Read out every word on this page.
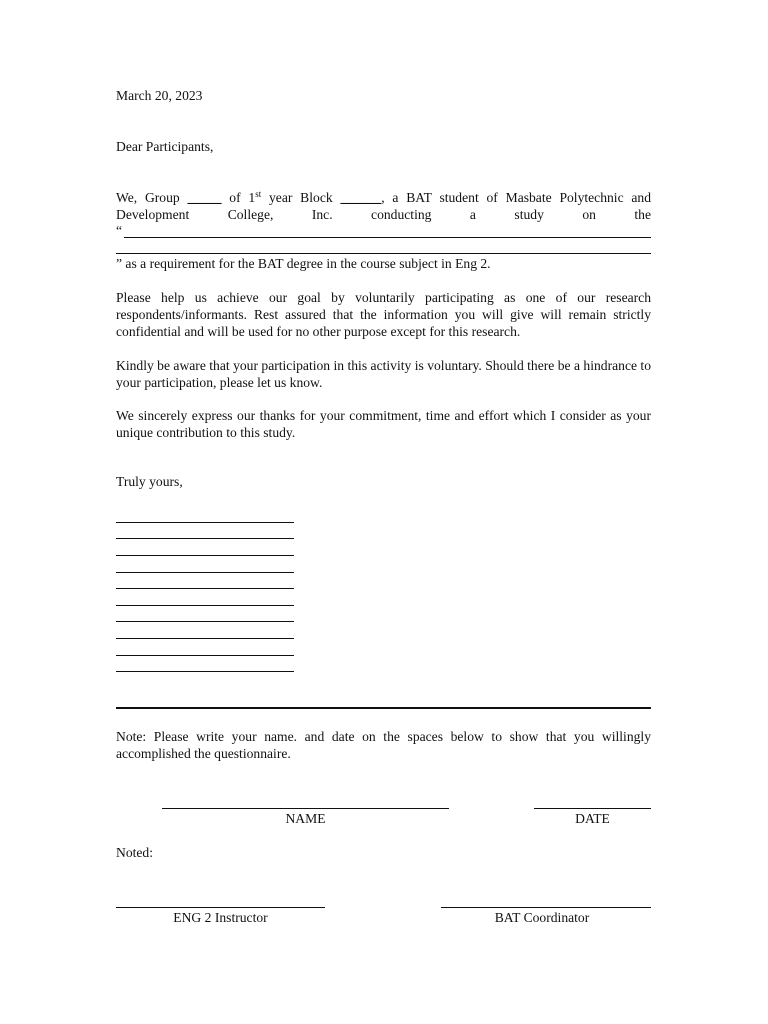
March 20, 2023
Dear Participants,
We, Group _____ of 1st year Block ______, a BAT student of Masbate Polytechnic and
Development College, Inc. conducting a study on the
“
” as a requirement for the BAT degree in the course subject in Eng 2.
Please help us achieve our goal by voluntarily participating as one of our research respondents/informants. Rest assured that the information you will give will remain strictly confidential and will be used for no other purpose except for this research.
Kindly be aware that your participation in this activity is voluntary. Should there be a hindrance to your participation, please let us know.
We sincerely express our thanks for your commitment, time and effort which I consider as your unique contribution to this study.
Truly yours,
Note: Please write your name. and date on the spaces below to show that you willingly accomplished the questionnaire.
NAME	DATE
Noted:
ENG 2 Instructor	BAT Coordinator
